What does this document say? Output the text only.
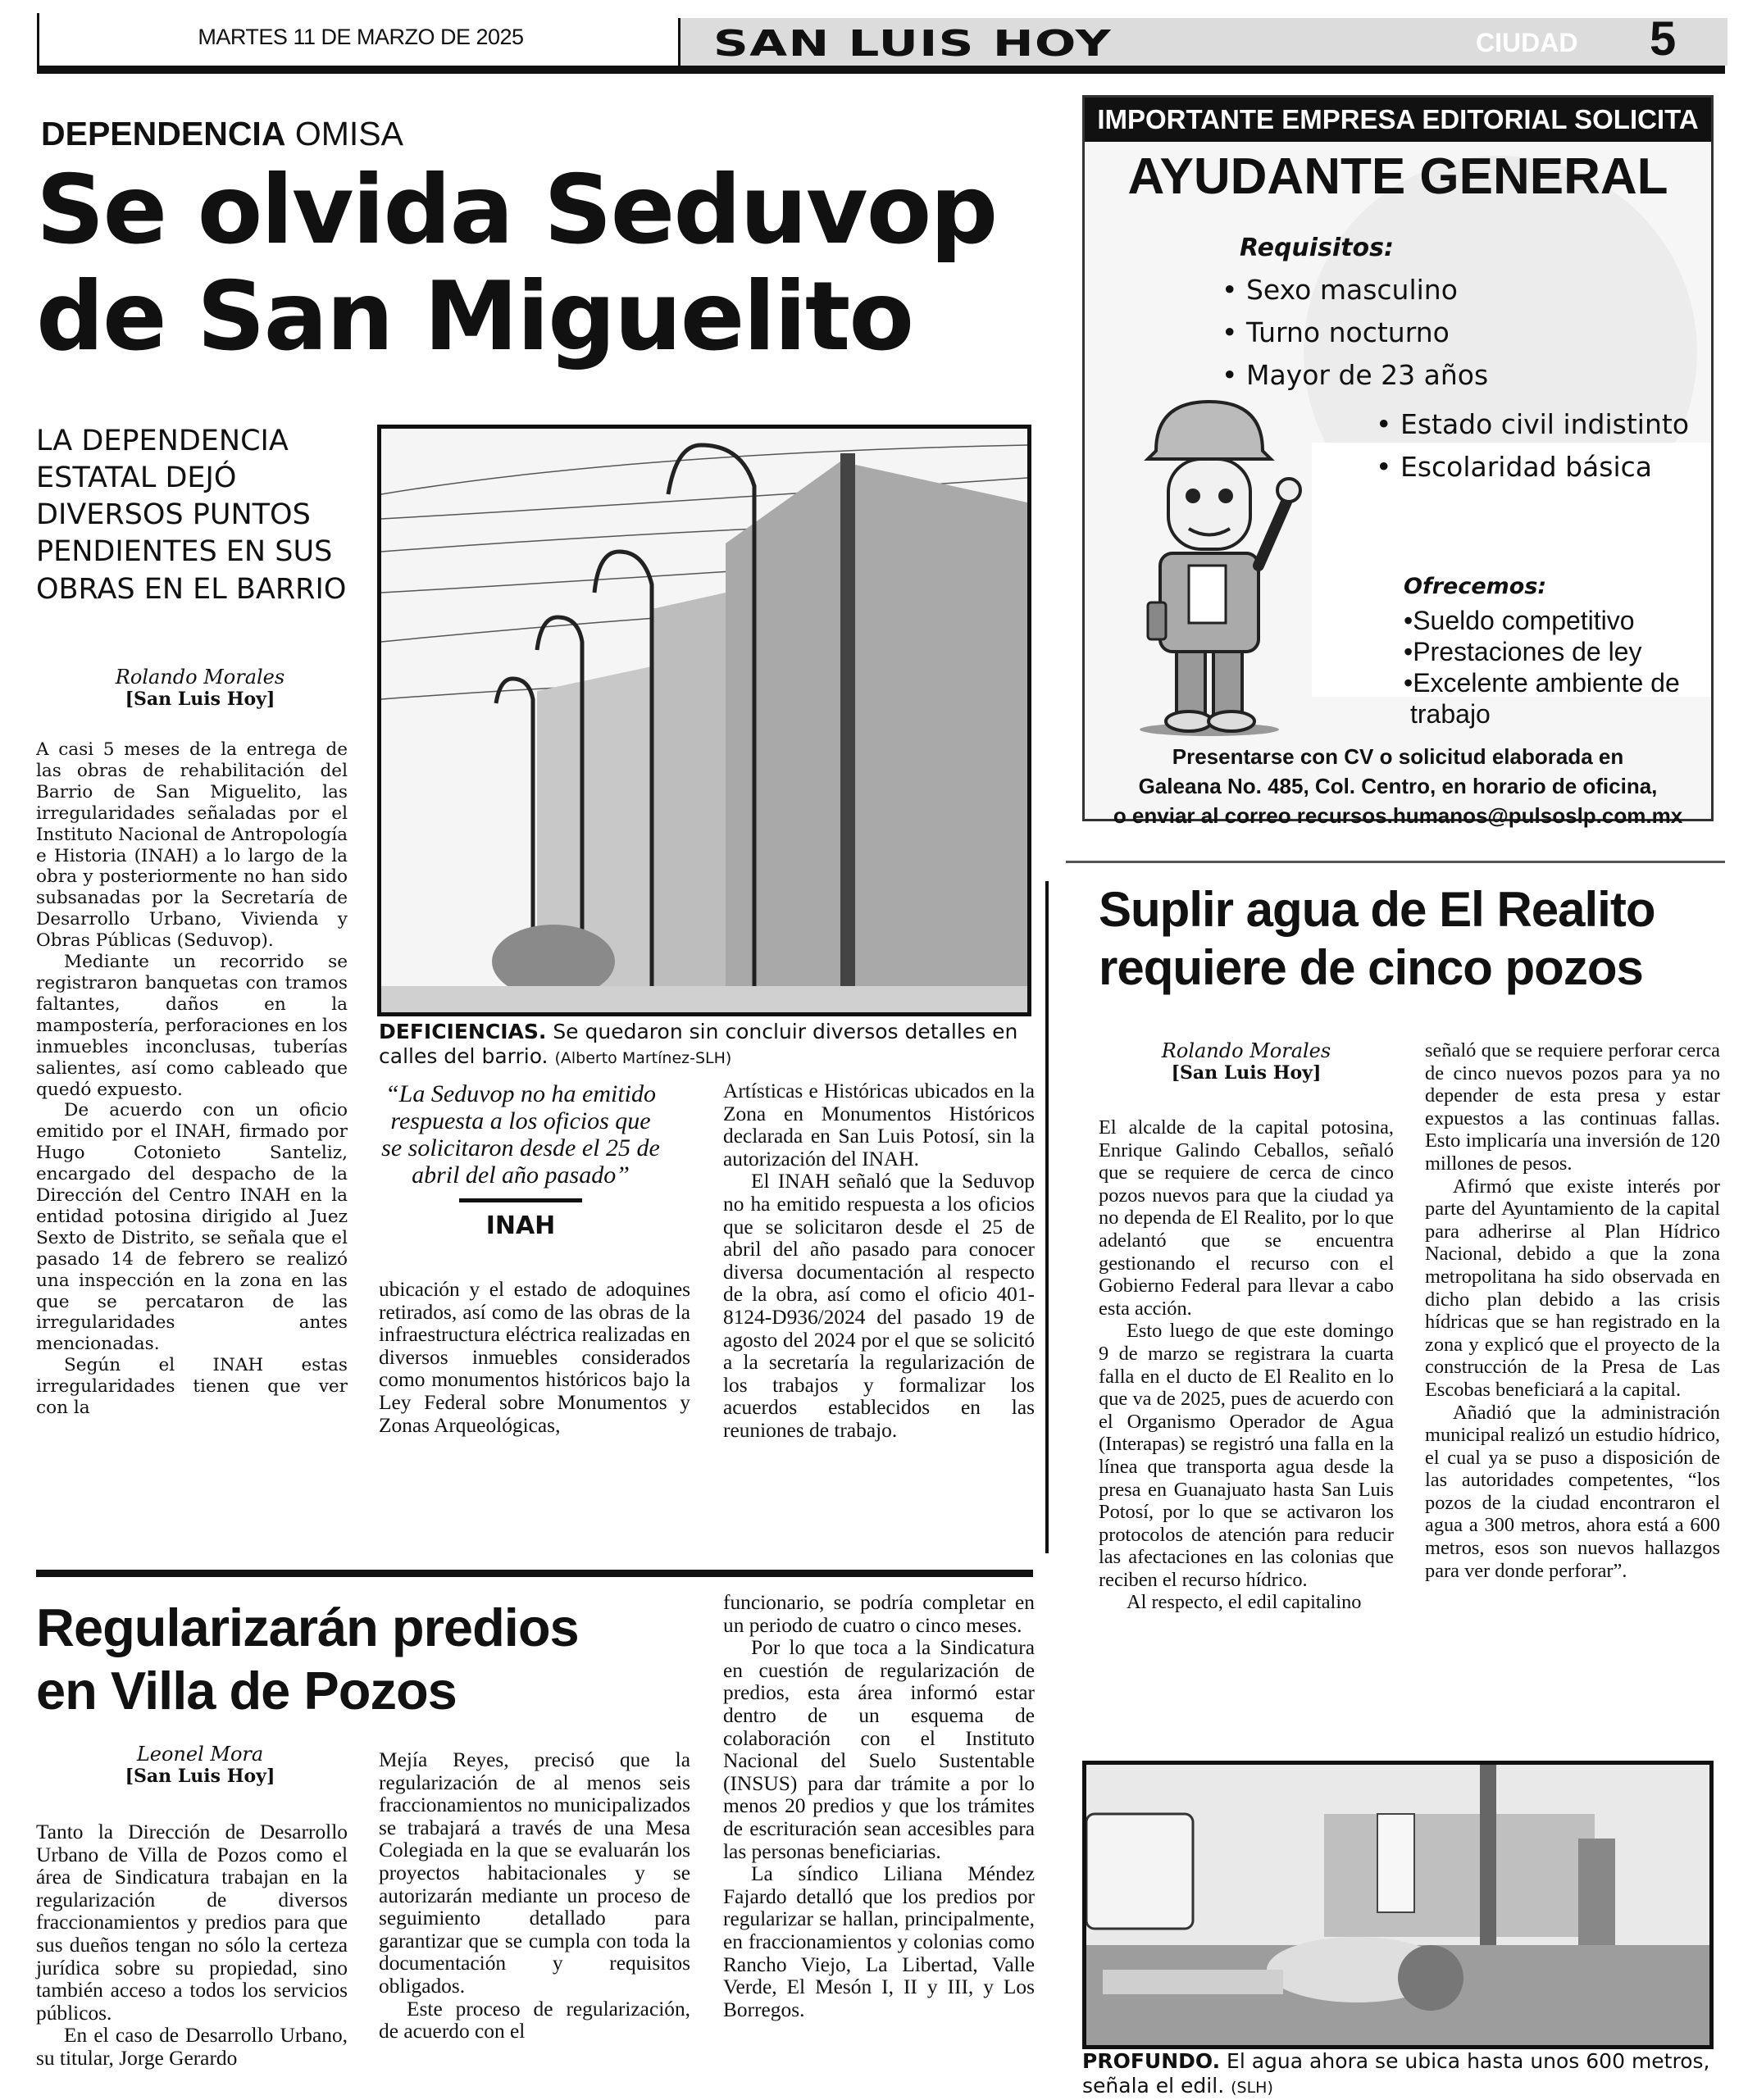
MARTES 11 DE MARZO DE 2025	SAN LUIS HOY	CIUDAD 5
DEPENDENCIA OMISA
Se olvida Seduvop
de San Miguelito
LA DEPENDENCIA ESTATAL DEJÓ DIVERSOS PUNTOS PENDIENTES EN SUS OBRAS EN EL BARRIO
Rolando Morales
[San Luis Hoy]

A casi 5 meses de la entrega de las obras de rehabilitación del Barrio de San Miguelito, las irregularidades señaladas por el Instituto Nacional de Antropología e Historia (INAH) a lo largo de la obra y posteriormente no han sido subsanadas por la Secretaría de Desarrollo Urbano, Vivienda y Obras Públicas (Seduvop).

Mediante un recorrido se registraron banquetas con tramos faltantes, daños en la mampostería, perforaciones en los inmuebles inconclusas, tuberías salientes, así como cableado que quedó expuesto.

De acuerdo con un oficio emitido por el INAH, firmado por Hugo Cotonieto Santeliz, encargado del despacho de la Dirección del Centro INAH en la entidad potosina dirigido al Juez Sexto de Distrito, se señala que el pasado 14 de febrero se realizó una inspección en la zona en las que se percataron de las irregularidades antes mencionadas.

Según el INAH estas irregularidades tienen que ver con la

DEFICIENCIAS. Se quedaron sin concluir diversos detalles en calles del barrio. (Alberto Martínez-SLH)
“La Seduvop no ha emitido respuesta a los oficios que se solicitaron desde el 25 de abril del año pasado”
INAH

ubicación y el estado de adoquines retirados, así como de las obras de la infraestructura eléctrica realizadas en diversos inmuebles considerados como monumentos históricos bajo la Ley Federal sobre Monumentos y Zonas Arqueológicas,

Artísticas e Históricas ubicados en la Zona en Monumentos Históricos declarada en San Luis Potosí, sin la autorización del INAH.

El INAH señaló que la Seduvop no ha emitido respuesta a los oficios que se solicitaron desde el 25 de abril del año pasado para conocer diversa documentación al respecto de la obra, así como el oficio 401-8124-D936/2024 del pasado 19 de agosto del 2024 por el que se solicitó a la secretaría la regularización de los trabajos y formalizar los acuerdos establecidos en las reuniones de trabajo.

Regularizarán predios
en Villa de Pozos
Leonel Mora
[San Luis Hoy]

Tanto la Dirección de Desarrollo Urbano de Villa de Pozos como el área de Sindicatura trabajan en la regularización de diversos fraccionamientos y predios para que sus dueños tengan no sólo la certeza jurídica sobre su propiedad, sino también acceso a todos los servicios públicos.

En el caso de Desarrollo Urbano, su titular, Jorge Gerardo

Mejía Reyes, precisó que la regularización de al menos seis fraccionamientos no municipalizados se trabajará a través de una Mesa Colegiada en la que se evaluarán los proyectos habitacionales y se autorizarán mediante un proceso de seguimiento detallado para garantizar que se cumpla con toda la documentación y requisitos obligados.

Este proceso de regularización, de acuerdo con el

funcionario, se podría completar en un periodo de cuatro o cinco meses.

Por lo que toca a la Sindicatura en cuestión de regularización de predios, esta área informó estar dentro de un esquema de colaboración con el Instituto Nacional del Suelo Sustentable (INSUS) para dar trámite a por lo menos 20 predios y que los trámites de escrituración sean accesibles para las personas beneficiarias.

La síndico Liliana Méndez Fajardo detalló que los predios por regularizar se hallan, principalmente, en fraccionamientos y colonias como Rancho Viejo, La Libertad, Valle Verde, El Mesón I, II y III, y Los Borregos.

IMPORTANTE EMPRESA EDITORIAL SOLICITA
AYUDANTE GENERAL
Requisitos:
• Sexo masculino
• Turno nocturno
• Mayor de 23 años
• Estado civil indistinto
• Escolaridad básica
Ofrecemos:
•Sueldo competitivo
•Prestaciones de ley
•Excelente ambiente de
trabajo
Presentarse con CV o solicitud elaborada en
Galeana No. 485, Col. Centro, en horario de oficina,
o enviar al correo recursos.humanos@pulsoslp.com.mx
Suplir agua de El Realito
requiere de cinco pozos
Rolando Morales
[San Luis Hoy]

El alcalde de la capital potosina, Enrique Galindo Ceballos, señaló que se requiere de cerca de cinco pozos nuevos para que la ciudad ya no dependa de El Realito, por lo que adelantó que se encuentra gestionando el recurso con el Gobierno Federal para llevar a cabo esta acción.

Esto luego de que este domingo 9 de marzo se registrara la cuarta falla en el ducto de El Realito en lo que va de 2025, pues de acuerdo con el Organismo Operador de Agua (Interapas) se registró una falla en la línea que transporta agua desde la presa en Guanajuato hasta San Luis Potosí, por lo que se activaron los protocolos de atención para reducir las afectaciones en las colonias que reciben el recurso hídrico.

Al respecto, el edil capitalino

señaló que se requiere perforar cerca de cinco nuevos pozos para ya no depender de esta presa y estar expuestos a las continuas fallas. Esto implicaría una inversión de 120 millones de pesos.

Afirmó que existe interés por parte del Ayuntamiento de la capital para adherirse al Plan Hídrico Nacional, debido a que la zona metropolitana ha sido observada en dicho plan debido a las crisis hídricas que se han registrado en la zona y explicó que el proyecto de la construcción de la Presa de Las Escobas beneficiará a la capital.

Añadió que la administración municipal realizó un estudio hídrico, el cual ya se puso a disposición de las autoridades competentes, “los pozos de la ciudad encontraron el agua a 300 metros, ahora está a 600 metros, esos son nuevos hallazgos para ver donde perforar”.

PROFUNDO. El agua ahora se ubica hasta unos 600 metros, señala el edil. (SLH)
